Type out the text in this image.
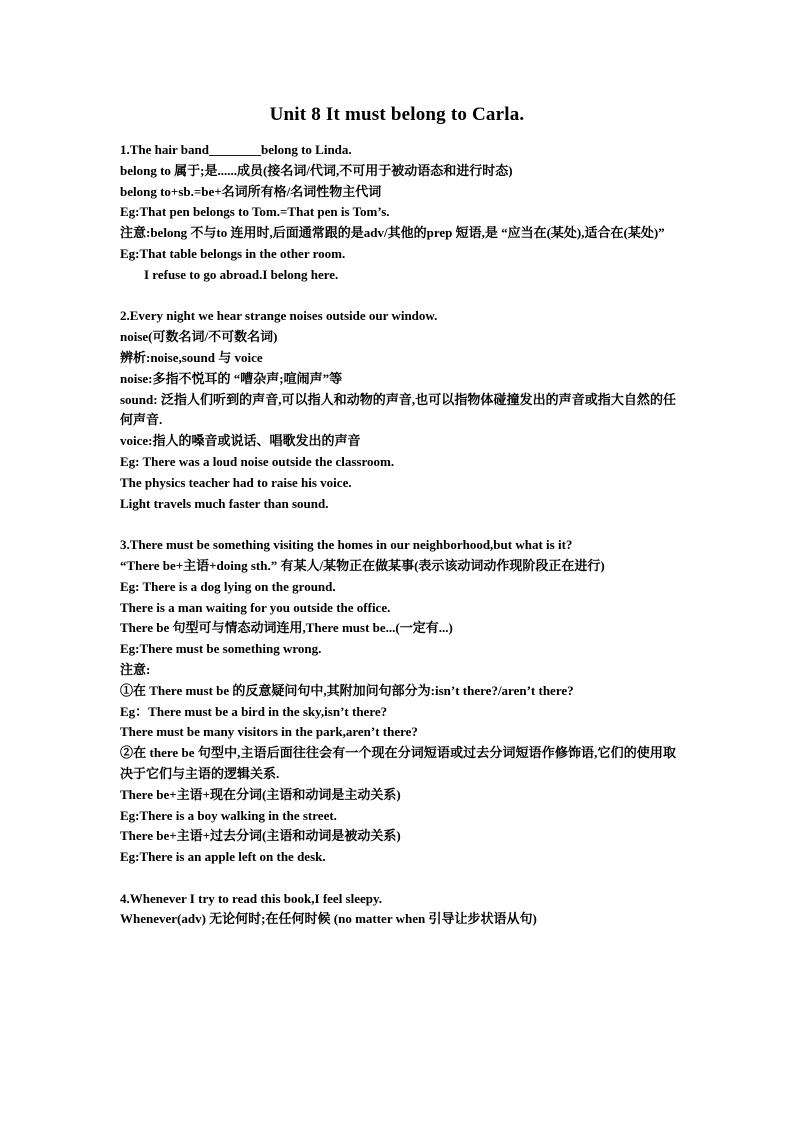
Unit 8 It must belong to Carla.
1.The hair band________belong to Linda.
belong to 属于;是......成员(接名词/代词,不可用于被动语态和进行时态)
belong to+sb.=be+名词所有格/名词性物主代词
Eg:That pen belongs to Tom.=That pen is Tom’s.
注意:belong 不与to 连用时,后面通常跟的是adv/其他的prep 短语,是 “应当在(某处),适合在(某处)”
Eg:That table belongs in the other room.
I refuse to go abroad.I belong here.
2.Every night we hear strange noises outside our window.
noise(可数名词/不可数名词)
辨析:noise,sound 与 voice
noise:多指不悦耳的 “嘈杂声;喧闹声”等
sound: 泛指人们听到的声音,可以指人和动物的声音,也可以指物体碰撞发出的声音或指大自然的任何声音.
voice:指人的嗓音或说话、唱歌发出的声音
Eg: There was a loud noise outside the classroom.
The physics teacher had to raise his voice.
Light travels much faster than sound.
3.There must be something visiting the homes in our neighborhood,but what is it?
“There be+主语+doing sth.” 有某人/某物正在做某事(表示该动词动作现阶段正在进行)
Eg: There is a dog lying on the ground.
There is a man waiting for you outside the office.
There be 句型可与情态动词连用,There must be...(一定有...)
Eg:There must be something wrong.
注意:
①在 There must be 的反意疑问句中,其附加问句部分为:isn’t there?/aren’t there?
Eg：There must be a bird in the sky,isn’t there?
There must be many visitors in the park,aren’t there?
②在 there be 句型中,主语后面往往会有一个现在分词短语或过去分词短语作修饰语,它们的使用取决于它们与主语的逻辑关系.
There be+主语+现在分词(主语和动词是主动关系)
Eg:There is a boy walking in the street.
There be+主语+过去分词(主语和动词是被动关系)
Eg:There is an apple left on the desk.
4.Whenever I try to read this book,I feel sleepy.
Whenever(adv) 无论何时;在任何时候 (no matter when 引导让步状语从句)
